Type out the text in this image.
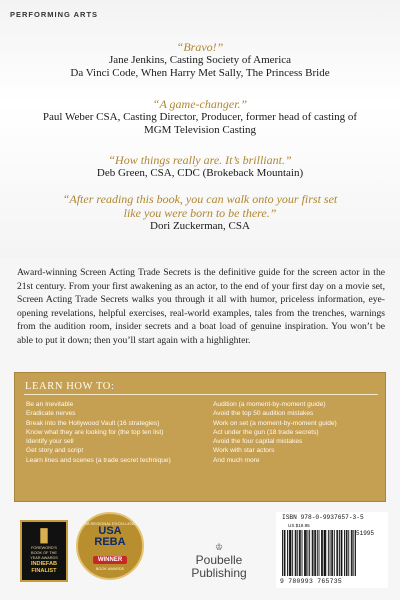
PERFORMING ARTS
“Bravo!”
Jane Jenkins, Casting Society of America
Da Vinci Code, When Harry Met Sally, The Princess Bride
“A game-changer.”
Paul Weber CSA, Casting Director, Producer, former head of casting of
MGM Television Casting
“How things really are. It’s brilliant.”
Deb Green, CSA, CDC (Brokeback Mountain)
“After reading this book, you can walk onto your first set
like you were born to be there.”
Dori Zuckerman, CSA

Award-winning Screen Acting Trade Secrets is the definitive guide for the screen actor in the 21st century. From your first awakening as an actor, to the end of your first day on a movie set, Screen Acting Trade Secrets walks you through it all with humor, priceless information, eye-opening revelations, helpful exercises, real-world examples, tales from the trenches, warnings from the audition room, insider secrets and a boat load of genuine inspiration. You won’t be able to put it down; then you’ll start again with a highlighter.

LEARN HOW TO:
Be an Inevitable
Eradicate nerves
Break into the Hollywood Vault (16 strategies)
Know what they are looking for (the top ten list)
Identify your sell
Get story and script
Learn lines and scenes (a trade secret technique)
Audition (a moment-by-moment guide)
Avoid the top 50 audition mistakes
Work on set (a moment-by-moment guide)
Act under the gun (18 trade secrets)
Avoid the four capital mistakes
Work with star actors
And much more
▮
FOREWORD'S
BOOK OF THE
YEAR AWARDS
INDIEFAB
FINALIST
USA REGIONAL EXCELLENCE
USA
REBA
WINNER
BOOK AWARDS
♔
Poubelle
Publishing
ISBN 978-0-9937657-3-5
US $19.95
51995
9 780993 765735
